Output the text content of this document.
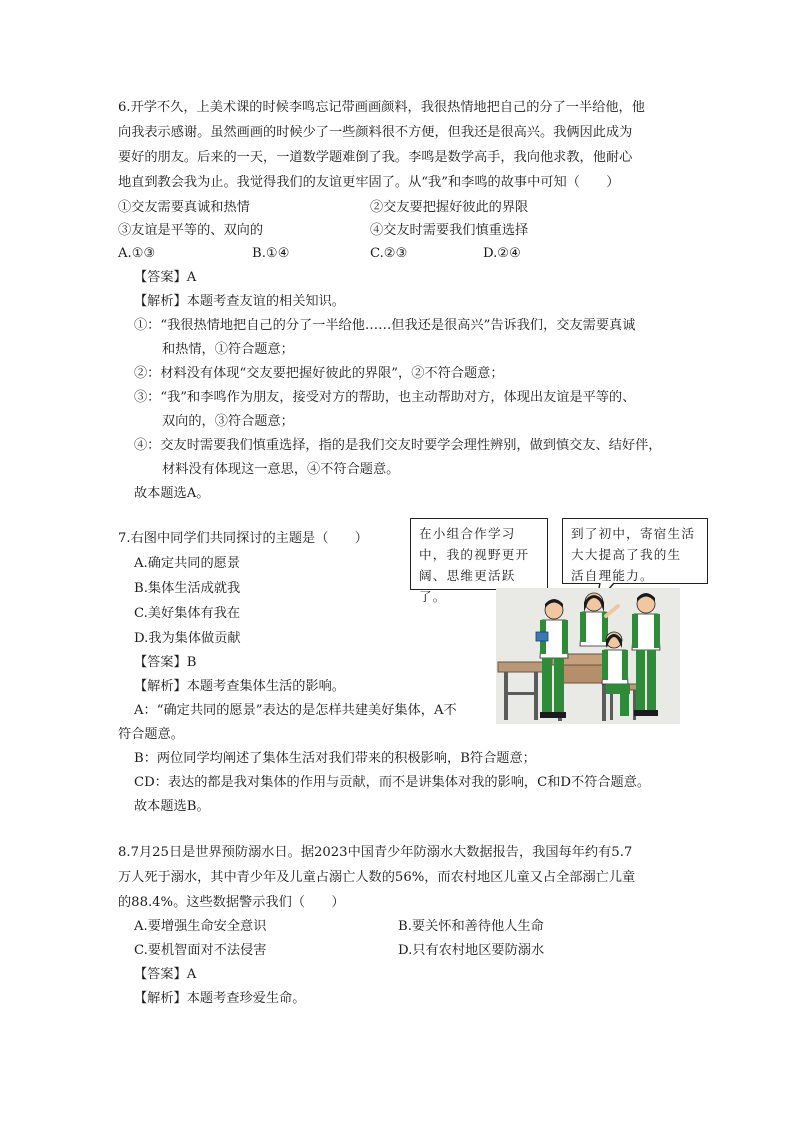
6.开学不久，上美术课的时候李鸣忘记带画画颜料，我很热情地把自己的分了一半给他，他
向我表示感谢。虽然画画的时候少了一些颜料很不方便，但我还是很高兴。我俩因此成为
要好的朋友。后来的一天，一道数学题难倒了我。李鸣是数学高手，我向他求教，他耐心
地直到教会我为止。我觉得我们的友谊更牢固了。从“我”和李鸣的故事中可知（　　）
①交友需要真诚和热情	②交友要把握好彼此的界限
③友谊是平等的、双向的	④交友时需要我们慎重选择
A.①③	B.①④	C.②③	D.②④
【答案】A
【解析】本题考查友谊的相关知识。
①：“我很热情地把自己的分了一半给他……但我还是很高兴”告诉我们，交友需要真诚
和热情，①符合题意；
②：材料没有体现“交友要把握好彼此的界限”，②不符合题意；
③：“我”和李鸣作为朋友，接受对方的帮助，也主动帮助对方，体现出友谊是平等的、
双向的，③符合题意；
④：交友时需要我们慎重选择，指的是我们交友时要学会理性辨别，做到慎交友、结好伴，
材料没有体现这一意思，④不符合题意。
故本题选A。
7.右图中同学们共同探讨的主题是（　　）
A.确定共同的愿景
B.集体生活成就我
C.美好集体有我在
D.我为集体做贡献
【答案】B
【解析】本题考查集体生活的影响。
A：“确定共同的愿景”表达的是怎样共建美好集体，A不
符合题意。
B：两位同学均阐述了集体生活对我们带来的积极影响，B符合题意；
CD：表达的都是我对集体的作用与贡献，而不是讲集体对我的影响，C和D不符合题意。
故本题选B。
在小组合作学习
中，我的视野更开
阔、思维更活跃了。
到了初中，寄宿生活
大大提高了我的生
活自理能力。
8.7月25日是世界预防溺水日。据2023中国青少年防溺水大数据报告，我国每年约有5.7
万人死于溺水，其中青少年及儿童占溺亡人数的56%，而农村地区儿童又占全部溺亡儿童
的88.4%。这些数据警示我们（　　）
A.要增强生命安全意识	B.要关怀和善待他人生命
C.要机智面对不法侵害	D.只有农村地区要防溺水
【答案】A
【解析】本题考查珍爱生命。
